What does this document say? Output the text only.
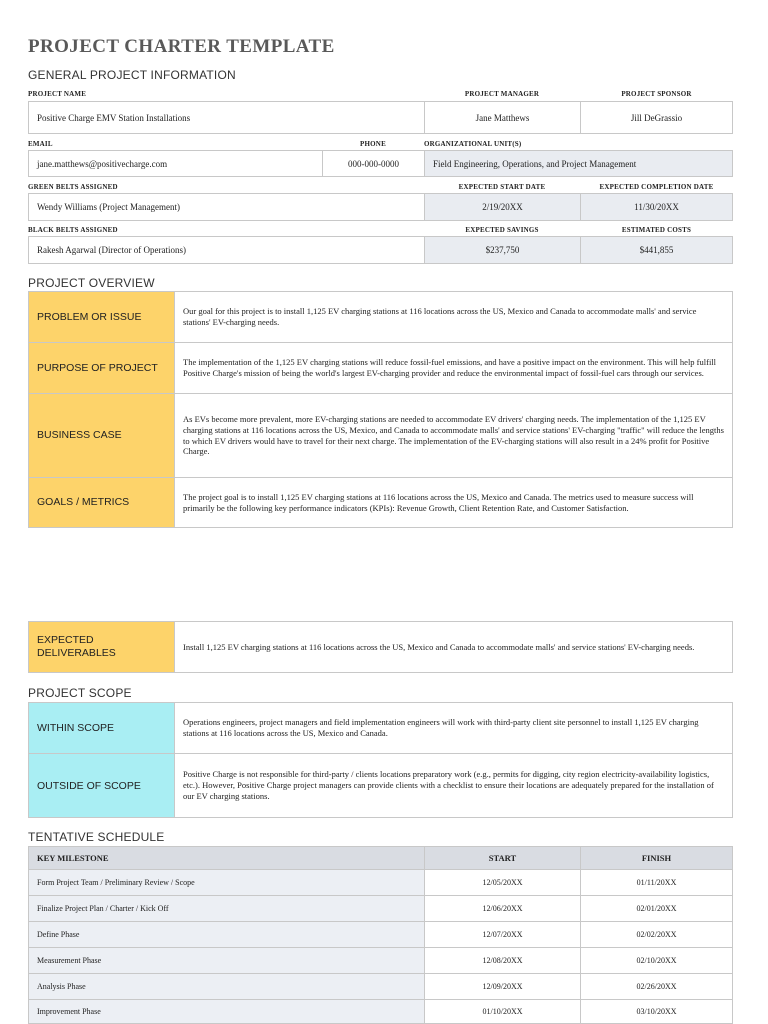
PROJECT CHARTER TEMPLATE
GENERAL PROJECT INFORMATION
PROJECT NAME	PROJECT MANAGER	PROJECT SPONSOR
Positive Charge EMV Station Installations	Jane Matthews	Jill DeGrassio
EMAIL	PHONE	ORGANIZATIONAL UNIT(S)
jane.matthews@positivecharge.com	000-000-0000	Field Engineering, Operations, and Project Management
GREEN BELTS ASSIGNED	EXPECTED START DATE	EXPECTED COMPLETION DATE
Wendy Williams (Project Management)	2/19/20XX	11/30/20XX
BLACK BELTS ASSIGNED	EXPECTED SAVINGS	ESTIMATED COSTS
Rakesh Agarwal (Director of Operations)	$237,750	$441,855
PROJECT OVERVIEW
PROBLEM OR ISSUE	Our goal for this project is to install 1,125 EV charging stations at 116 locations across the US, Mexico and Canada to accommodate malls' and service stations' EV-charging needs.
PURPOSE OF PROJECT	The implementation of the 1,125 EV charging stations will reduce fossil-fuel emissions, and have a positive impact on the environment. This will help fulfill Positive Charge's mission of being the world's largest EV-charging provider and reduce the environmental impact of fossil-fuel cars through our services.
BUSINESS CASE
As EVs become more prevalent, more EV-charging stations are needed to accommodate EV drivers' charging needs. The implementation of the 1,125 EV charging stations at 116 locations across the US, Mexico, and Canada to accommodate malls' and service stations' EV-charging "traffic" will reduce the lengths to which EV drivers would have to travel for their next charge. The implementation of the EV-charging stations will also result in a 24% profit for Positive Charge.
GOALS / METRICS	The project goal is to install 1,125 EV charging stations at 116 locations across the US, Mexico and Canada. The metrics used to measure success will primarily be the following key performance indicators (KPIs): Revenue Growth, Client Retention Rate, and Customer Satisfaction.
EXPECTED DELIVERABLES
Install 1,125 EV charging stations at 116 locations across the US, Mexico and Canada to accommodate malls' and service stations' EV-charging needs.
PROJECT SCOPE
WITHIN SCOPE	Operations engineers, project managers and field implementation engineers will work with third-party client site personnel to install 1,125 EV charging stations at 116 locations across the US, Mexico and Canada.
OUTSIDE OF SCOPE
Positive Charge is not responsible for third-party / clients locations preparatory work (e.g., permits for digging, city region electricity-availability logistics, etc.). However, Positive Charge project managers can provide clients with a checklist to ensure their locations are adequately prepared for the installation of our EV charging stations.
TENTATIVE SCHEDULE
KEY MILESTONE	START	FINISH
Form Project Team / Preliminary Review / Scope	12/05/20XX	01/11/20XX
Finalize Project Plan / Charter / Kick Off	12/06/20XX	02/01/20XX
Define Phase	12/07/20XX	02/02/20XX
Measurement Phase	12/08/20XX	02/10/20XX
Analysis Phase	12/09/20XX	02/26/20XX
Improvement Phase	01/10/20XX	03/10/20XX
